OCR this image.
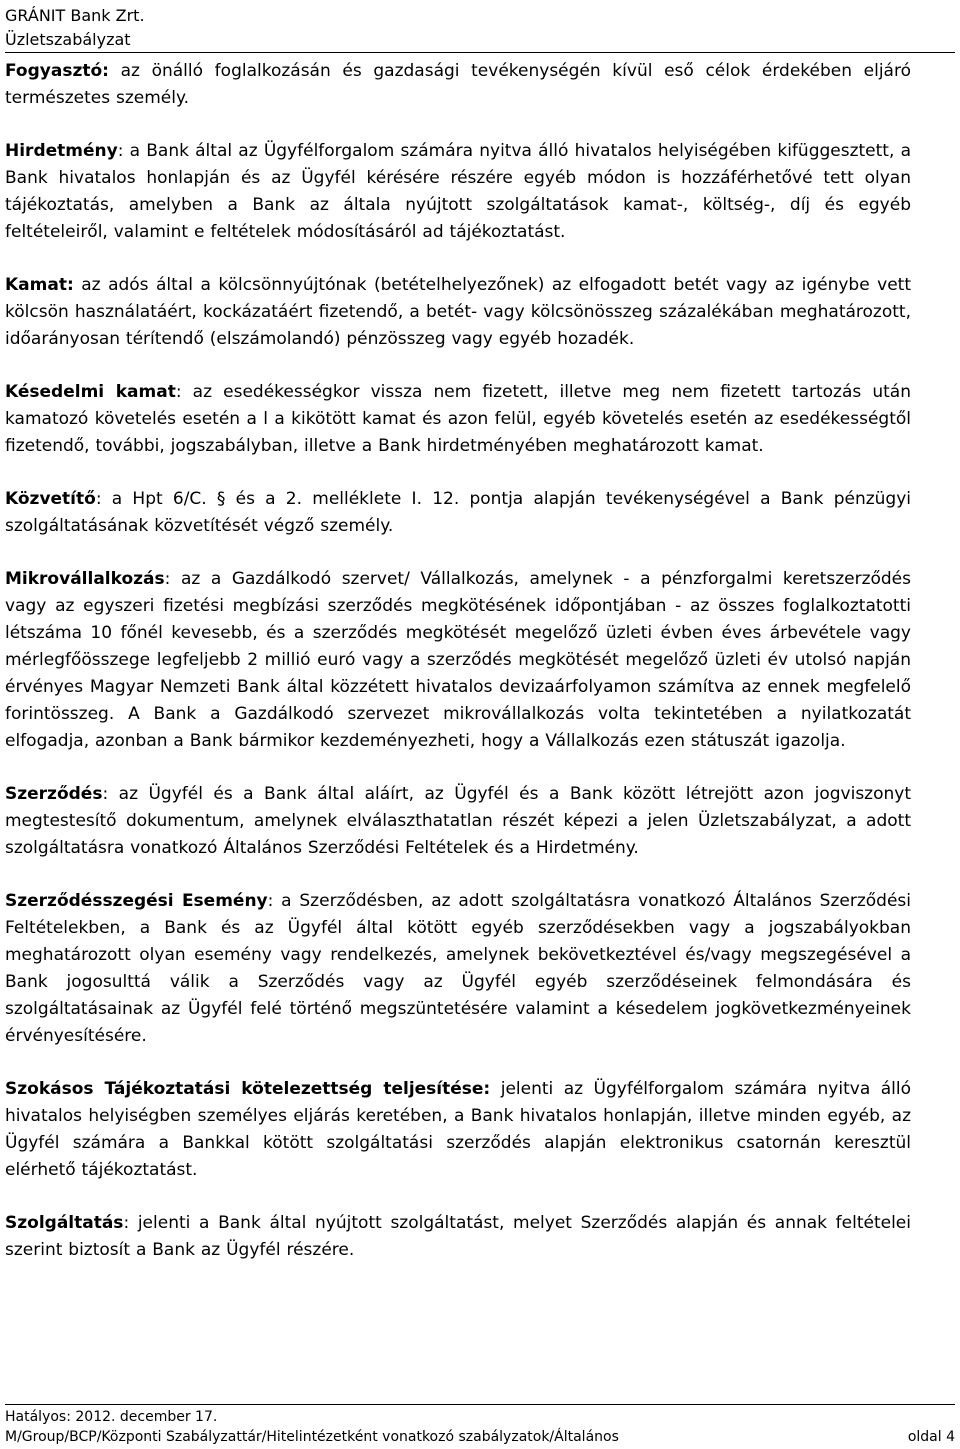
GRÁNIT Bank Zrt.
Üzletszabályzat

Fogyasztó: az önálló foglalkozásán és gazdasági tevékenységén kívül eső célok érdekében eljáró természetes személy.

Hirdetmény: a Bank által az Ügyfélforgalom számára nyitva álló hivatalos helyiségében kifüggesztett, a Bank hivatalos honlapján és az Ügyfél kérésére részére egyéb módon is hozzáférhetővé tett olyan tájékoztatás, amelyben a Bank az általa nyújtott szolgáltatások kamat-, költség-, díj és egyéb feltételeiről, valamint e feltételek módosításáról ad tájékoztatást.

Kamat: az adós által a kölcsönnyújtónak (betételhelyezőnek) az elfogadott betét vagy az igénybe vett kölcsön használatáért, kockázatáért fizetendő, a betét- vagy kölcsönösszeg százalékában meghatározott, időarányosan térítendő (elszámolandó) pénzösszeg vagy egyéb hozadék.

Késedelmi kamat: az esedékességkor vissza nem fizetett, illetve meg nem fizetett tartozás után kamatozó követelés esetén a l a kikötött kamat és azon felül, egyéb követelés esetén az esedékességtől fizetendő, további, jogszabályban, illetve a Bank hirdetményében meghatározott kamat.

Közvetítő: a Hpt 6/C. § és a 2. melléklete I. 12. pontja alapján tevékenységével a Bank pénzügyi szolgáltatásának közvetítését végző személy.

Mikrovállalkozás: az a Gazdálkodó szervet/ Vállalkozás, amelynek - a pénzforgalmi keretszerződés vagy az egyszeri fizetési megbízási szerződés megkötésének időpontjában - az összes foglalkoztatotti létszáma 10 főnél kevesebb, és a szerződés megkötését megelőző üzleti évben éves árbevétele vagy mérlegfőösszege legfeljebb 2 millió euró vagy a szerződés megkötését megelőző üzleti év utolsó napján érvényes Magyar Nemzeti Bank által közzétett hivatalos devizaárfolyamon számítva az ennek megfelelő forintösszeg. A Bank a Gazdálkodó szervezet mikrovállalkozás volta tekintetében a nyilatkozatát elfogadja, azonban a Bank bármikor kezdeményezheti, hogy a Vállalkozás ezen státuszát igazolja.

Szerződés: az Ügyfél és a Bank által aláírt, az Ügyfél és a Bank között létrejött azon jogviszonyt megtestesítő dokumentum, amelynek elválaszthatatlan részét képezi a jelen Üzletszabályzat, a adott szolgáltatásra vonatkozó Általános Szerződési Feltételek és a Hirdetmény.

Szerződésszegési Esemény: a Szerződésben, az adott szolgáltatásra vonatkozó Általános Szerződési Feltételekben, a Bank és az Ügyfél által kötött egyéb szerződésekben vagy a jogszabályokban meghatározott olyan esemény vagy rendelkezés, amelynek bekövetkeztével és/vagy megszegésével a Bank jogosulttá válik a Szerződés vagy az Ügyfél egyéb szerződéseinek felmondására és szolgáltatásainak az Ügyfél felé történő megszüntetésére valamint a késedelem jogkövetkezményeinek érvényesítésére.

Szokásos Tájékoztatási kötelezettség teljesítése: jelenti az Ügyfélforgalom számára nyitva álló hivatalos helyiségben személyes eljárás keretében, a Bank hivatalos honlapján, illetve minden egyéb, az Ügyfél számára a Bankkal kötött szolgáltatási szerződés alapján elektronikus csatornán keresztül elérhető tájékoztatást.

Szolgáltatás: jelenti a Bank által nyújtott szolgáltatást, melyet Szerződés alapján és annak feltételei szerint biztosít a Bank az Ügyfél részére.

Hatályos: 2012. december 17.
M/Group/BCP/Központi Szabályzattár/Hitelintézetként vonatkozó szabályzatok/Általános	oldal 4
